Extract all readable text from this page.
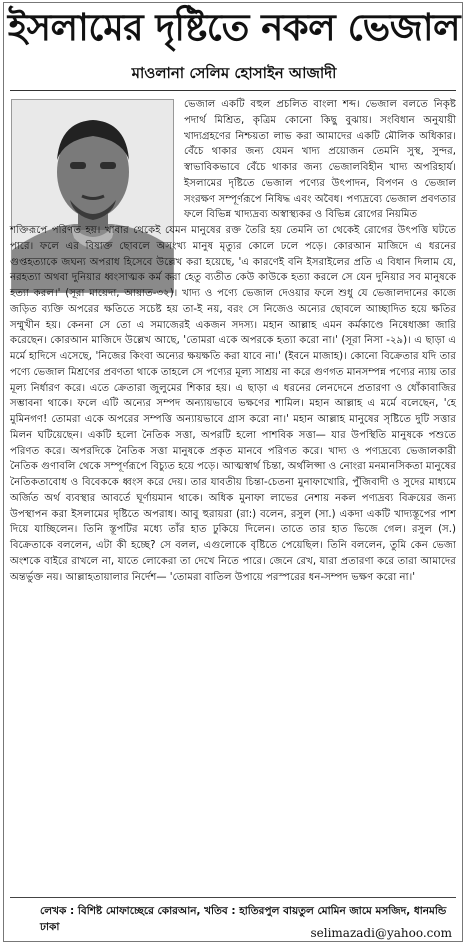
ইসলামের দৃষ্টিতে নকল ভেজাল
মাওলানা সেলিম হোসাইন আজাদী

ভেজাল একটি বহুল প্রচলিত বাংলা শব্দ। ভেজাল বলতে নিকৃষ্ট পদার্থ মিশ্রিত, কৃত্রিম কোনো কিছু বুঝায়। সংবিধান অনুযায়ী খাদ্যগ্রহণের নিশ্চয়তা লাভ করা আমাদের একটি মৌলিক অধিকার। বেঁচে থাকার জন্য যেমন খাদ্য প্রয়োজন তেমনি সুস্থ, সুন্দর, স্বাভাবিকভাবে বেঁচে থাকার জন্য ভেজালবিহীন খাদ্য অপরিহার্য। ইসলামের দৃষ্টিতে ভেজাল পণ্যের উৎপাদন, বিপণন ও ভেজাল সংরক্ষণ সম্পূর্ণরূপে নিষিদ্ধ এবং অবৈধ। পণ্যদ্রব্যে ভেজাল প্রবণতার ফলে বিভিন্ন খাদ্যদ্রব্য অস্বাস্থ্যকর ও বিভিন্ন রোগের নিয়মিত

শক্তিরূপে পরিণত হয়। খাবার থেকেই যেমন মানুষের রক্ত তৈরি হয় তেমনি তা থেকেই রোগের উৎপত্তি ঘটতে পারে। ফলে এর বিষাক্ত ছোবলে অসংখ্য মানুষ মৃত্যুর কোলে ঢলে পড়ে। কোরআন মাজিদে এ ধরনের গুপ্তহত্যাকে জঘন্য অপরাধ হিসেবে উল্লেখ করা হয়েছে, 'এ কারণেই বনি ইসরাইলের প্রতি এ বিধান দিলাম যে, নরহত্যা অথবা দুনিয়ার ধ্বংসাত্মক কর্ম করা হেতু ব্যতীত কেউ কাউকে হত্যা করলে সে যেন দুনিয়ার সব মানুষকে হত্যা করল।' (সূরা মায়েদা, আয়াত-৩২)। খাদ্য ও পণ্যে ভেজাল দেওয়ার ফলে শুধু যে ভেজালদানের কাজে জড়িত ব্যক্তি অপরের ক্ষতিতে সচেষ্ট হয় তা-ই নয়, বরং সে নিজেও অন্যের ছোবলে আচ্ছাদিত হয়ে ক্ষতির সম্মুখীন হয়। কেননা সে তো এ সমাজেরই একজন সদস্য। মহান আল্লাহ এমন কর্মকাণ্ডে নিষেধাজ্ঞা জারি করেছেন। কোরআন মাজিদে উল্লেখ আছে, 'তোমরা একে অপরকে হত্যা করো না।' (সূরা নিসা -২৯)। এ ছাড়া এ মর্মে হাদিসে এসেছে, 'নিজের কিংবা অন্যের ক্ষয়ক্ষতি করা যাবে না।' (ইবনে মাজাহ)। কোনো বিক্রেতার যদি তার পণ্যে ভেজাল মিশ্রণের প্রবণতা থাকে তাহলে সে পণ্যের মূল্য সাশ্রয় না করে গুণগত মানসম্পন্ন পণ্যের ন্যায় তার মূল্য নির্ধারণ করে। এতে ক্রেতারা জুলুমের শিকার হয়। এ ছাড়া এ ধরনের লেনদেনে প্রতারণা ও ধোঁকাবাজির সম্ভাবনা থাকে। ফলে এটি অন্যের সম্পদ অন্যায়ভাবে ভক্ষণের শামিল। মহান আল্লাহ এ মর্মে বলেছেন, 'হে মুমিনগণ! তোমরা একে অপরের সম্পত্তি অন্যায়ভাবে গ্রাস করো না।' মহান আল্লাহ মানুষের সৃষ্টিতে দুটি সত্তার মিলন ঘটিয়েছেন। একটি হলো নৈতিক সত্তা, অপরটি হলো পাশবিক সত্তা— যার উপস্থিতি মানুষকে পশুতে পরিণত করে। অপরদিকে নৈতিক সত্তা মানুষকে প্রকৃত মানবে পরিণত করে। খাদ্য ও পণ্যদ্রব্যে ভেজালকারী নৈতিক গুণাবলি থেকে সম্পূর্ণরূপে বিচ্যুত হয়ে পড়ে। আত্মস্বার্থ চিন্তা, অর্থলিপ্সা ও নোংরা মনমানসিকতা মানুষের নৈতিকতাবোধ ও বিবেককে ধ্বংস করে দেয়। তার যাবতীয় চিন্তা-চেতনা মুনাফাখোরি, পুঁজিবাদী ও সুদের মাধ্যমে অর্জিত অর্থ ব্যবস্থার আবর্তে ঘূর্ণায়মান থাকে। অধিক মুনাফা লাভের নেশায় নকল পণ্যদ্রব্য বিক্রয়ের জন্য উপস্থাপন করা ইসলামের দৃষ্টিতে অপরাধ। আবু হুরায়রা (রা:) বলেন, রসুল (সা.) একদা একটি খাদ্যস্তূপের পাশ দিয়ে যাচ্ছিলেন। তিনি স্তূপটির মধ্যে তাঁর হাত ঢুকিয়ে দিলেন। তাতে তার হাত ভিজে গেল। রসুল (স.) বিক্রেতাকে বললেন, এটা কী হচ্ছে? সে বলল, এগুলোকে বৃষ্টিতে পেয়েছিল। তিনি বললেন, তুমি কেন ভেজা অংশকে বাইরে রাখলে না, যাতে লোকেরা তা দেখে নিতে পারে। জেনে রেখ, যারা প্রতারণা করে তারা আমাদের অন্তর্ভুক্ত নয়। আল্লাহতায়ালার নির্দেশ— 'তোমরা বাতিল উপায়ে পরস্পরের ধন-সম্পদ ভক্ষণ করো না।'

লেখক : বিশিষ্ট মোফাচ্ছেরে কোরআন, খতিব : হাতিরপুল বায়তুল মোমিন জামে মসজিদ, ধানমন্ডি ঢাকা	selimazadi@yahoo.com
